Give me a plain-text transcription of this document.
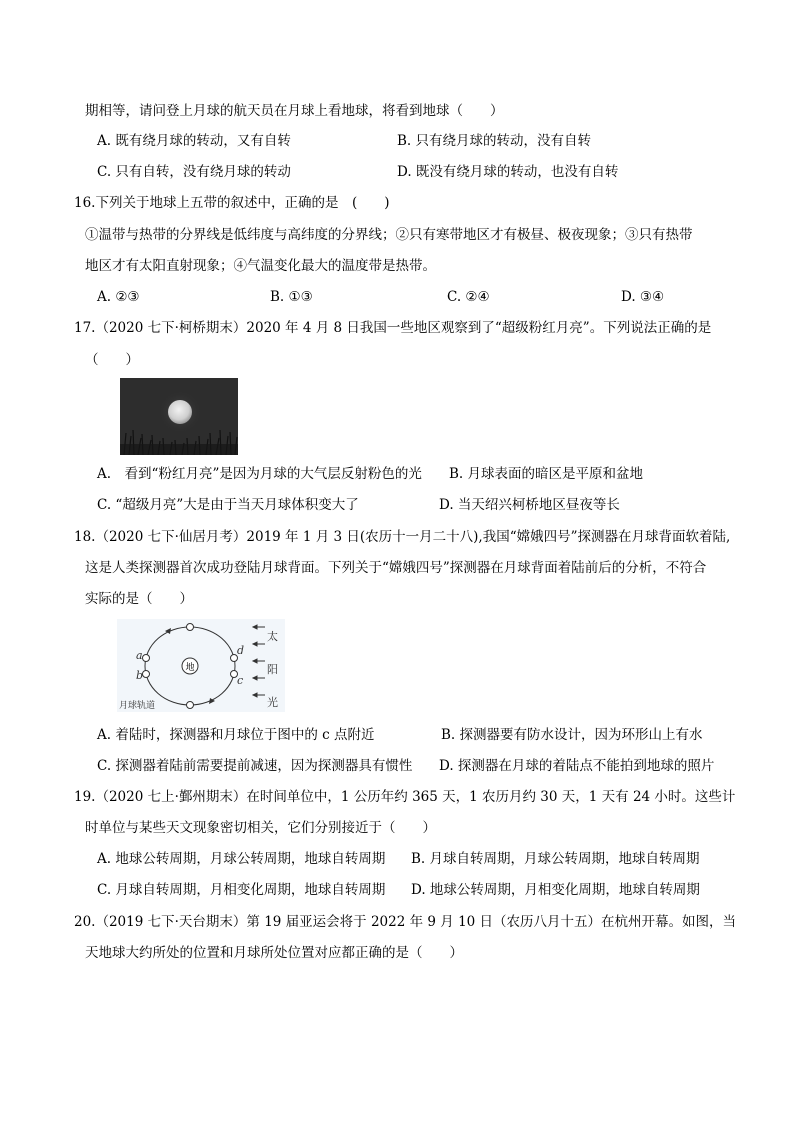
期相等，请问登上月球的航天员在月球上看地球，将看到地球（　　）
A. 既有绕月球的转动，又有自转	B. 只有绕月球的转动，没有自转
C. 只有自转，没有绕月球的转动	D. 既没有绕月球的转动，也没有自转
16.下列关于地球上五带的叙述中，正确的是　(　　)
①温带与热带的分界线是低纬度与高纬度的分界线；②只有寒带地区才有极昼、极夜现象；③只有热带
地区才有太阳直射现象；④气温变化最大的温度带是热带。
A. ②③	B. ①③	C. ②④	D. ③④
17.（2020 七下·柯桥期末）2020 年 4 月 8 日我国一些地区观察到了“超级粉红月亮”。下列说法正确的是
（　　）
A.　看到“粉红月亮”是因为月球的大气层反射粉色的光 B. 月球表面的暗区是平原和盆地
C. “超级月亮”大是由于当天月球体积变大了	D. 当天绍兴柯桥地区昼夜等长
18.（2020 七下·仙居月考）2019 年 1 月 3 日(农历十一月二十八),我国“嫦娥四号”探测器在月球背面软着陆,
这是人类探测器首次成功登陆月球背面。下列关于“嫦娥四号”探测器在月球背面着陆前后的分析，不符合
实际的是（　　）
地
a
b
d
c
月球轨道
太
阳
光
A. 着陆时，探测器和月球位于图中的 c 点附近	B. 探测器要有防水设计，因为环形山上有水
C. 探测器着陆前需要提前减速，因为探测器具有惯性 D. 探测器在月球的着陆点不能拍到地球的照片
19.（2020 七上·鄞州期末）在时间单位中，1 公历年约 365 天，1 农历月约 30 天，1 天有 24 小时。这些计
时单位与某些天文现象密切相关，它们分别接近于（　　）
A. 地球公转周期，月球公转周期，地球自转周期 B. 月球自转周期，月球公转周期，地球自转周期
C. 月球自转周期，月相变化周期，地球自转周期 D. 地球公转周期，月相变化周期，地球自转周期
20.（2019 七下·天台期末）第 19 届亚运会将于 2022 年 9 月 10 日（农历八月十五）在杭州开幕。如图，当
天地球大约所处的位置和月球所处位置对应都正确的是（　　）
